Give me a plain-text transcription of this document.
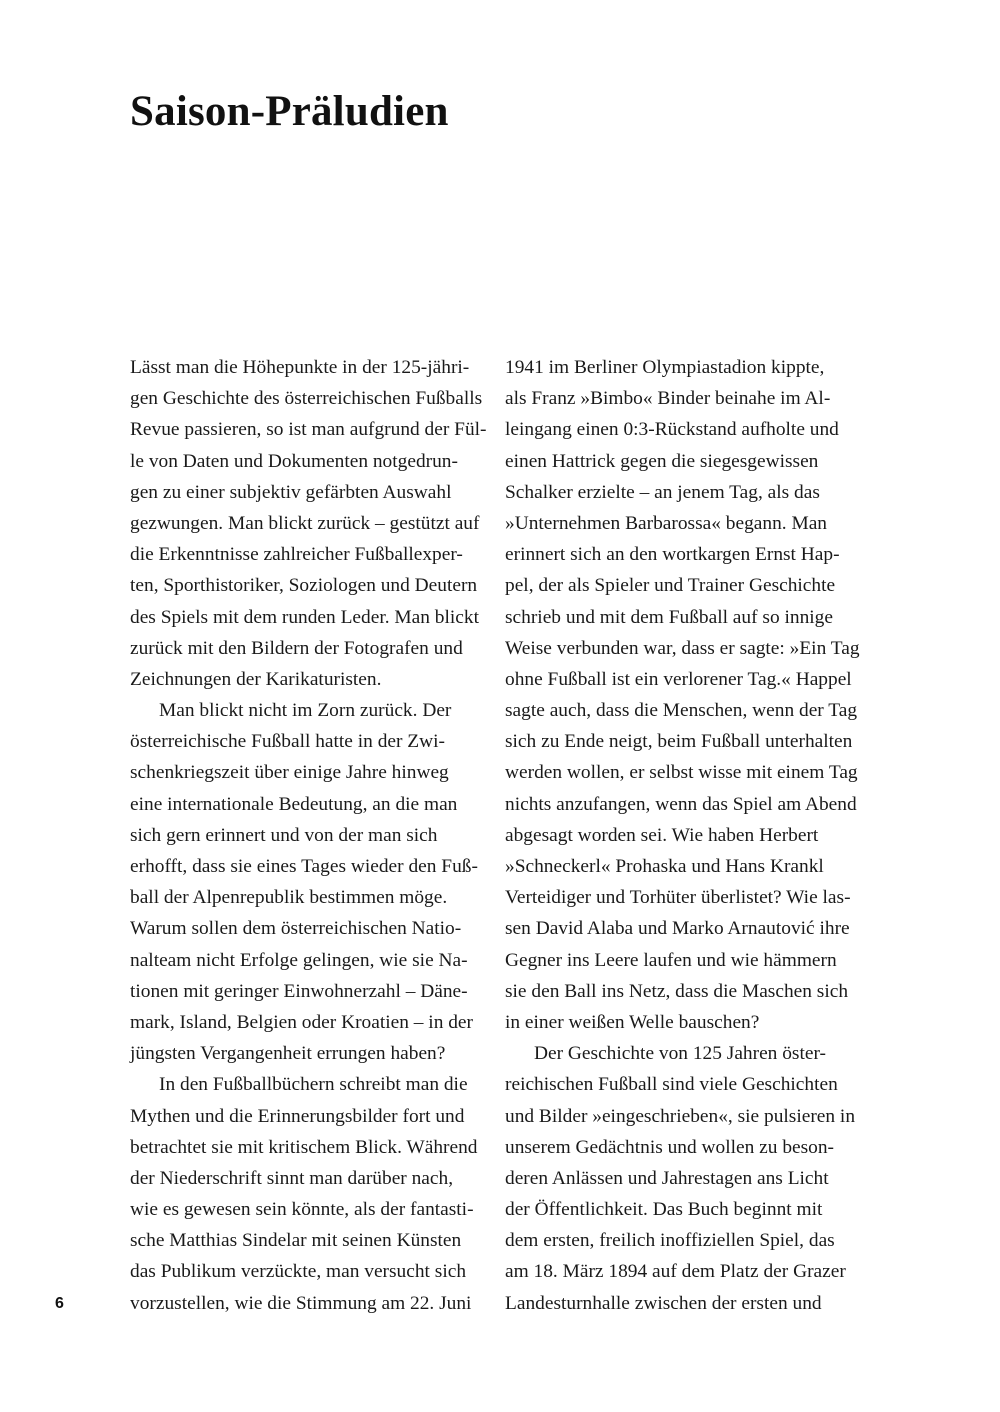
Saison-Präludien
Lässt man die Höhepunkte in der 125-jähri-
gen Geschichte des österreichischen Fußballs
Revue passieren, so ist man aufgrund der Fül-
le von Daten und Dokumenten notgedrun-
gen zu einer subjektiv gefärbten Auswahl
gezwungen. Man blickt zurück – gestützt auf
die Erkenntnisse zahlreicher Fußballexper-
ten, Sporthistoriker, Soziologen und Deutern
des Spiels mit dem runden Leder. Man blickt
zurück mit den Bildern der Fotografen und
Zeichnungen der Karikaturisten.
Man blickt nicht im Zorn zurück. Der
österreichische Fußball hatte in der Zwi-
schenkriegszeit über einige Jahre hinweg
eine internationale Bedeutung, an die man
sich gern erinnert und von der man sich
erhofft, dass sie eines Tages wieder den Fuß-
ball der Alpenrepublik bestimmen möge.
Warum sollen dem österreichischen Natio-
nalteam nicht Erfolge gelingen, wie sie Na-
tionen mit geringer Einwohnerzahl – Däne-
mark, Island, Belgien oder Kroatien – in der
jüngsten Vergangenheit errungen haben?
In den Fußballbüchern schreibt man die
Mythen und die Erinnerungsbilder fort und
betrachtet sie mit kritischem Blick. Während
der Niederschrift sinnt man darüber nach,
wie es gewesen sein könnte, als der fantasti-
sche Matthias Sindelar mit seinen Künsten
das Publikum verzückte, man versucht sich
vorzustellen, wie die Stimmung am 22. Juni
1941 im Berliner Olympiastadion kippte,
als Franz »Bimbo« Binder beinahe im Al-
leingang einen 0:3-Rückstand aufholte und
einen Hattrick gegen die siegesgewissen
Schalker erzielte – an jenem Tag, als das
»Unternehmen Barbarossa« begann. Man
erinnert sich an den wortkargen Ernst Hap-
pel, der als Spieler und Trainer Geschichte
schrieb und mit dem Fußball auf so innige
Weise verbunden war, dass er sagte: »Ein Tag
ohne Fußball ist ein verlorener Tag.« Happel
sagte auch, dass die Menschen, wenn der Tag
sich zu Ende neigt, beim Fußball unterhalten
werden wollen, er selbst wisse mit einem Tag
nichts anzufangen, wenn das Spiel am Abend
abgesagt worden sei. Wie haben Herbert
»Schneckerl« Prohaska und Hans Krankl
Verteidiger und Torhüter überlistet? Wie las-
sen David Alaba und Marko Arnautović ihre
Gegner ins Leere laufen und wie hämmern
sie den Ball ins Netz, dass die Maschen sich
in einer weißen Welle bauschen?
Der Geschichte von 125 Jahren öster-
reichischen Fußball sind viele Geschichten
und Bilder »eingeschrieben«, sie pulsieren in
unserem Gedächtnis und wollen zu beson-
deren Anlässen und Jahrestagen ans Licht
der Öffentlichkeit. Das Buch beginnt mit
dem ersten, freilich inoffiziellen Spiel, das
am 18. März 1894 auf dem Platz der Grazer
Landesturnhalle zwischen der ersten und
6
